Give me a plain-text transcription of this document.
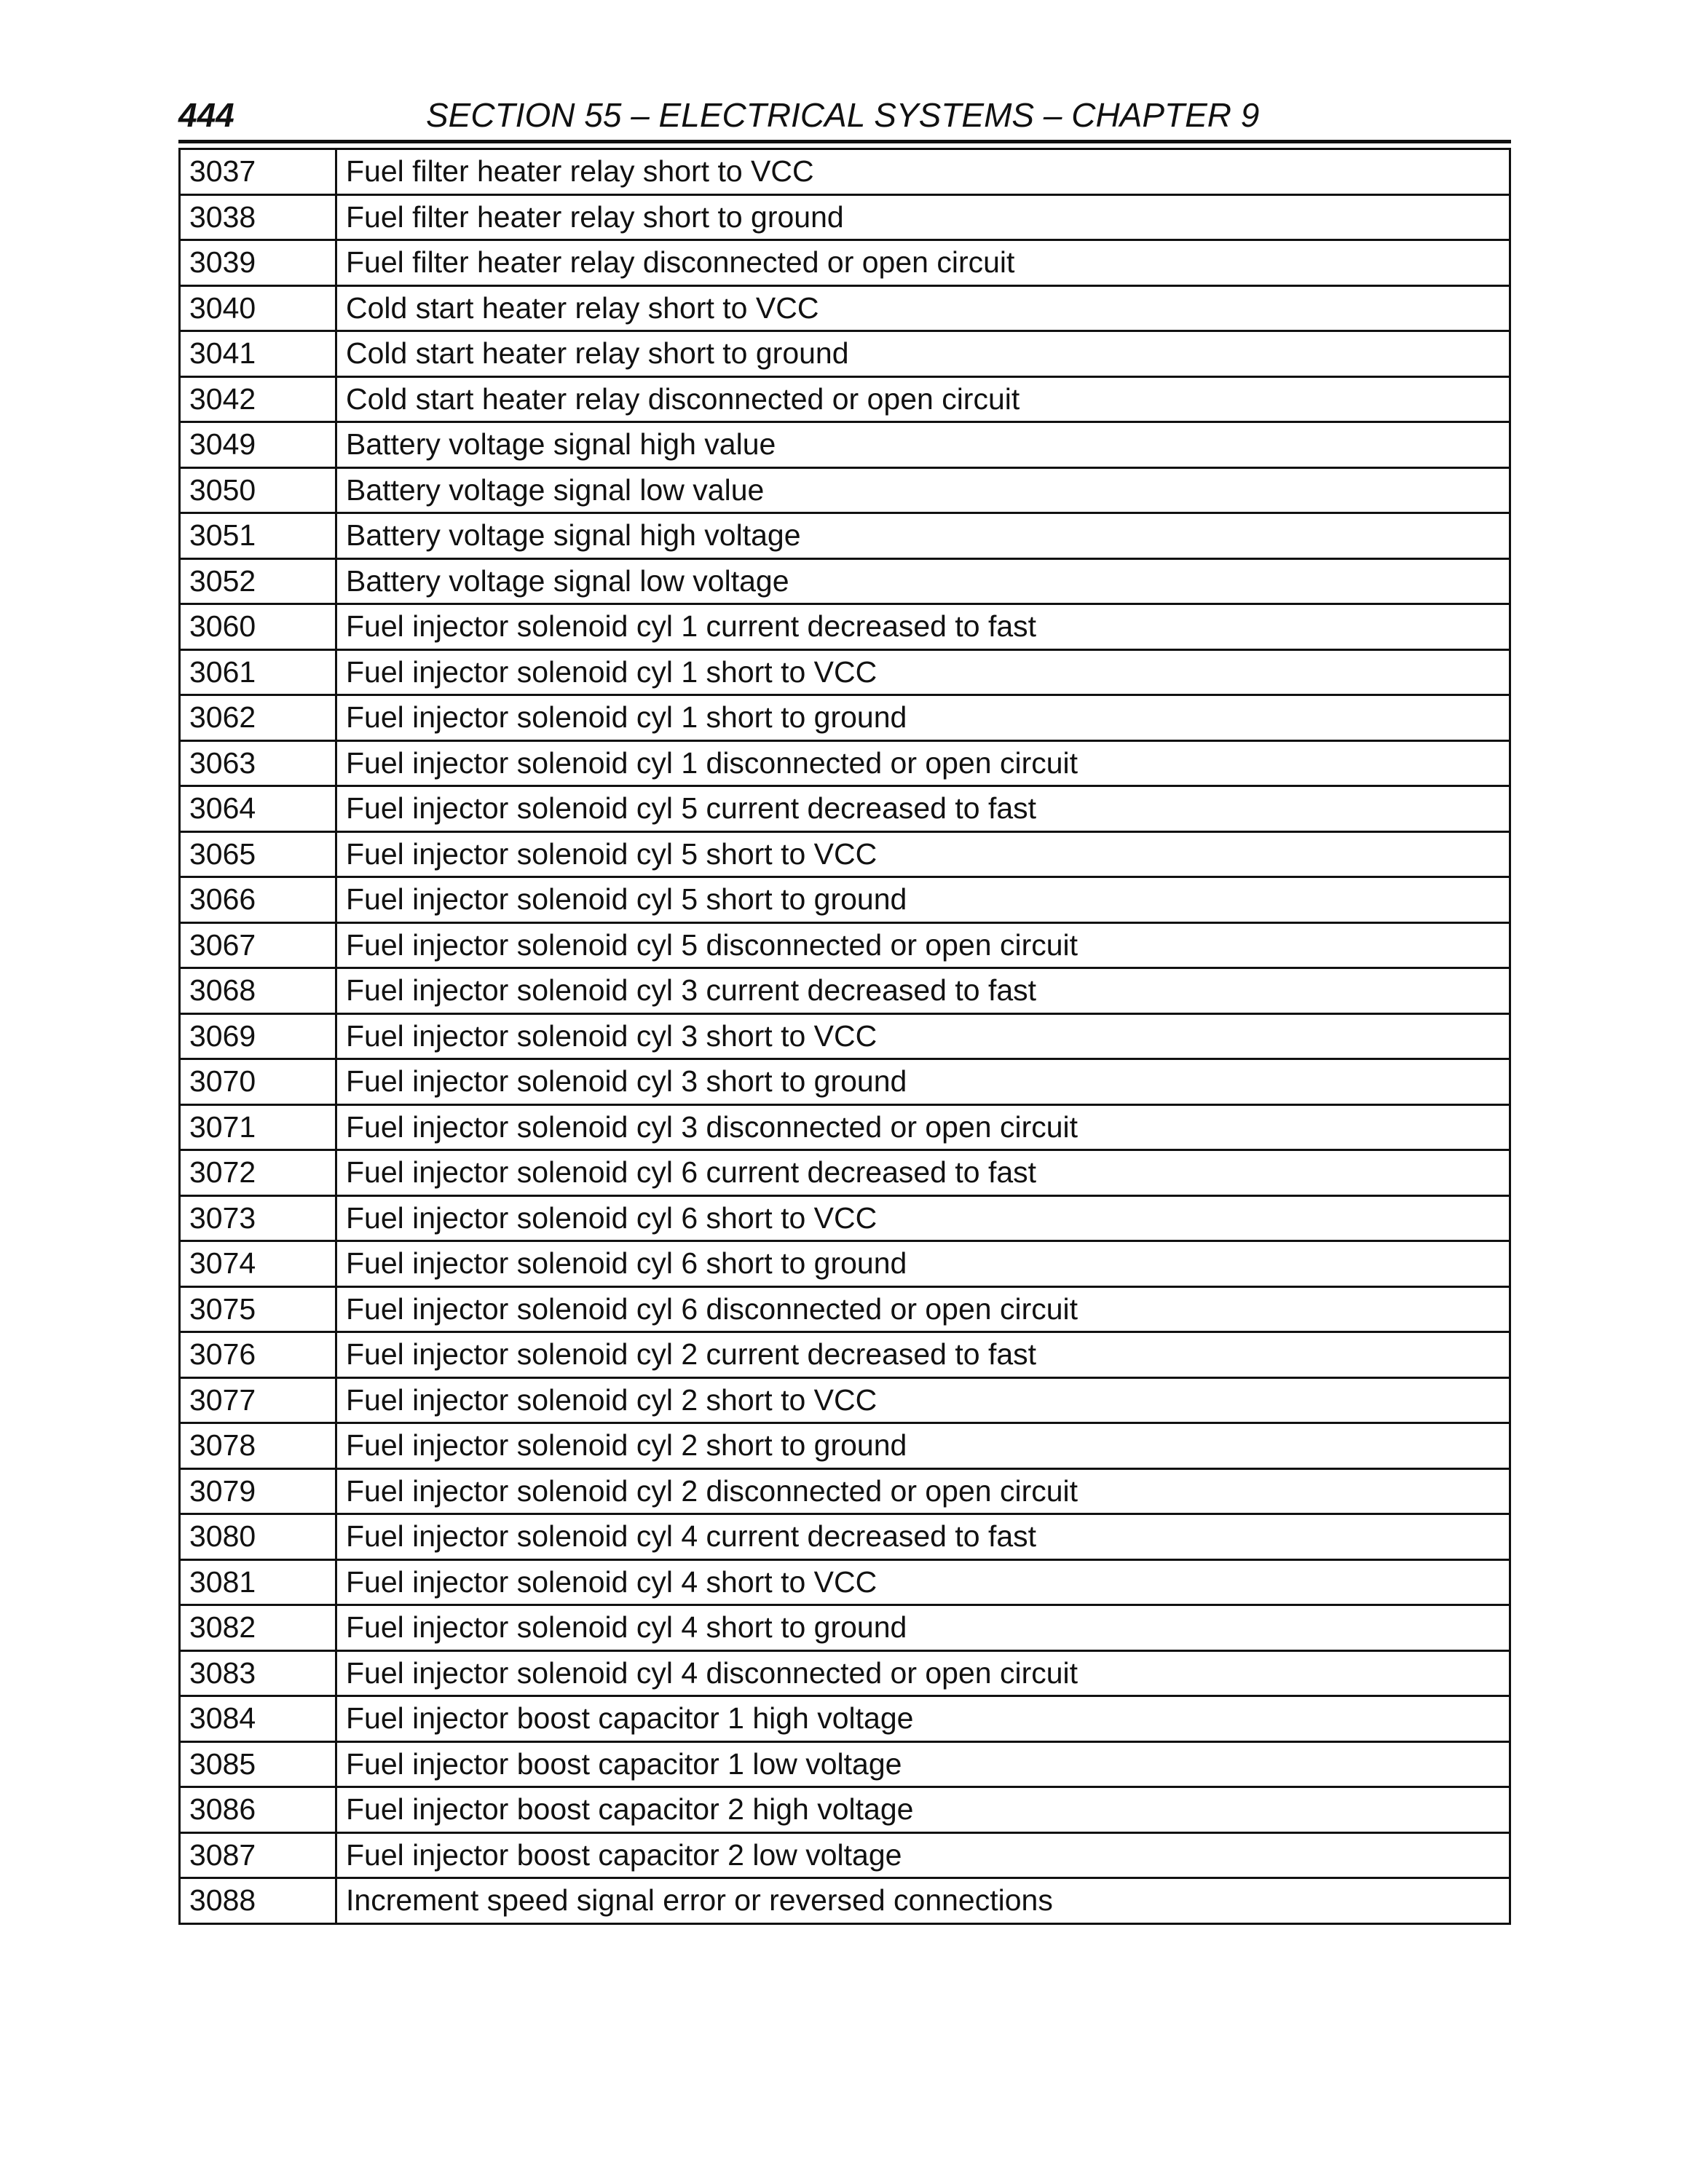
444	SECTION 55 – ELECTRICAL SYSTEMS – CHAPTER 9
3037	Fuel filter heater relay short to VCC
3038	Fuel filter heater relay short to ground
3039	Fuel filter heater relay disconnected or open circuit
3040	Cold start heater relay short to VCC
3041	Cold start heater relay short to ground
3042	Cold start heater relay disconnected or open circuit
3049	Battery voltage signal high value
3050	Battery voltage signal low value
3051	Battery voltage signal high voltage
3052	Battery voltage signal low voltage
3060	Fuel injector solenoid cyl 1 current decreased to fast
3061	Fuel injector solenoid cyl 1 short to VCC
3062	Fuel injector solenoid cyl 1 short to ground
3063	Fuel injector solenoid cyl 1 disconnected or open circuit
3064	Fuel injector solenoid cyl 5 current decreased to fast
3065	Fuel injector solenoid cyl 5 short to VCC
3066	Fuel injector solenoid cyl 5 short to ground
3067	Fuel injector solenoid cyl 5 disconnected or open circuit
3068	Fuel injector solenoid cyl 3 current decreased to fast
3069	Fuel injector solenoid cyl 3 short to VCC
3070	Fuel injector solenoid cyl 3 short to ground
3071	Fuel injector solenoid cyl 3 disconnected or open circuit
3072	Fuel injector solenoid cyl 6 current decreased to fast
3073	Fuel injector solenoid cyl 6 short to VCC
3074	Fuel injector solenoid cyl 6 short to ground
3075	Fuel injector solenoid cyl 6 disconnected or open circuit
3076	Fuel injector solenoid cyl 2 current decreased to fast
3077	Fuel injector solenoid cyl 2 short to VCC
3078	Fuel injector solenoid cyl 2 short to ground
3079	Fuel injector solenoid cyl 2 disconnected or open circuit
3080	Fuel injector solenoid cyl 4 current decreased to fast
3081	Fuel injector solenoid cyl 4 short to VCC
3082	Fuel injector solenoid cyl 4 short to ground
3083	Fuel injector solenoid cyl 4 disconnected or open circuit
3084	Fuel injector boost capacitor 1 high voltage
3085	Fuel injector boost capacitor 1 low voltage
3086	Fuel injector boost capacitor 2 high voltage
3087	Fuel injector boost capacitor 2 low voltage
3088	Increment speed signal error or reversed connections
